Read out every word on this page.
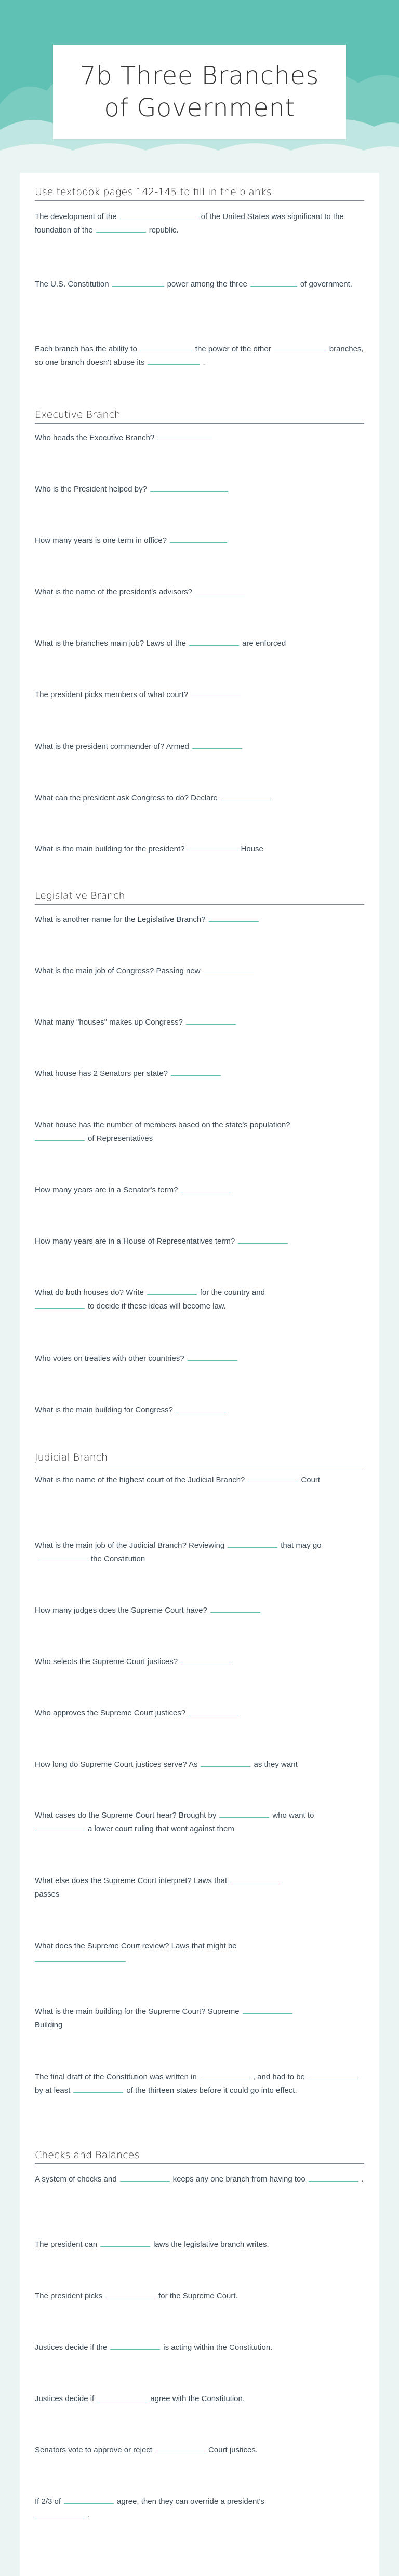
7b Three Branches of Government
Use textbook pages 142-145 to fill in the blanks.
The development of the	of the United States was significant to the foundation of the	republic.
The U.S. Constitution	power among the three	of government.
Each branch has the ability to	the power of the other	branches, so one branch doesn't abuse its	.
Executive Branch
Who heads the Executive Branch?
Who is the President helped by?
How many years is one term in office?
What is the name of the president's advisors?
What is the branches main job? Laws of the	are enforced
The president picks members of what court?
What is the president commander of? Armed
What can the president ask Congress to do? Declare
What is the main building for the president?	House
Legislative Branch
What is another name for the Legislative Branch?
What is the main job of Congress? Passing new
What many "houses" makes up Congress?
What house has 2 Senators per state?
What house has the number of members based on the state's population?
of Representatives
How many years are in a Senator's term?
How many years are in a House of Representatives term?
What do both houses do? Write	for the country and
to decide if these ideas will become law.
Who votes on treaties with other countries?
What is the main building for Congress?
Judicial Branch
What is the name of the highest court of the Judicial Branch?	Court
What is the main job of the Judicial Branch? Reviewing	that may gothe Constitution
How many judges does the Supreme Court have?
Who selects the Supreme Court justices?
Who approves the Supreme Court justices?
How long do Supreme Court justices serve? As	as they want
What cases do the Supreme Court hear? Brought by	who want to
a lower court ruling that went against them
What else does the Supreme Court interpret? Laws that
passes
What does the Supreme Court review? Laws that might be

What is the main building for the Supreme Court? Supreme
Building
The final draft of the Constitution was written in	, and had to beby at least	of the thirteen states before it could go into effect.
Checks and Balances
A system of checks and	keeps any one branch from having too	.
The president can	laws the legislative branch writes.
The president picks	for the Supreme Court.
Justices decide if the	is acting within the Constitution.
Justices decide if	agree with the Constitution.
Senators vote to approve or reject	Court justices.
If 2/3 of	agree, then they can override a president's
.
